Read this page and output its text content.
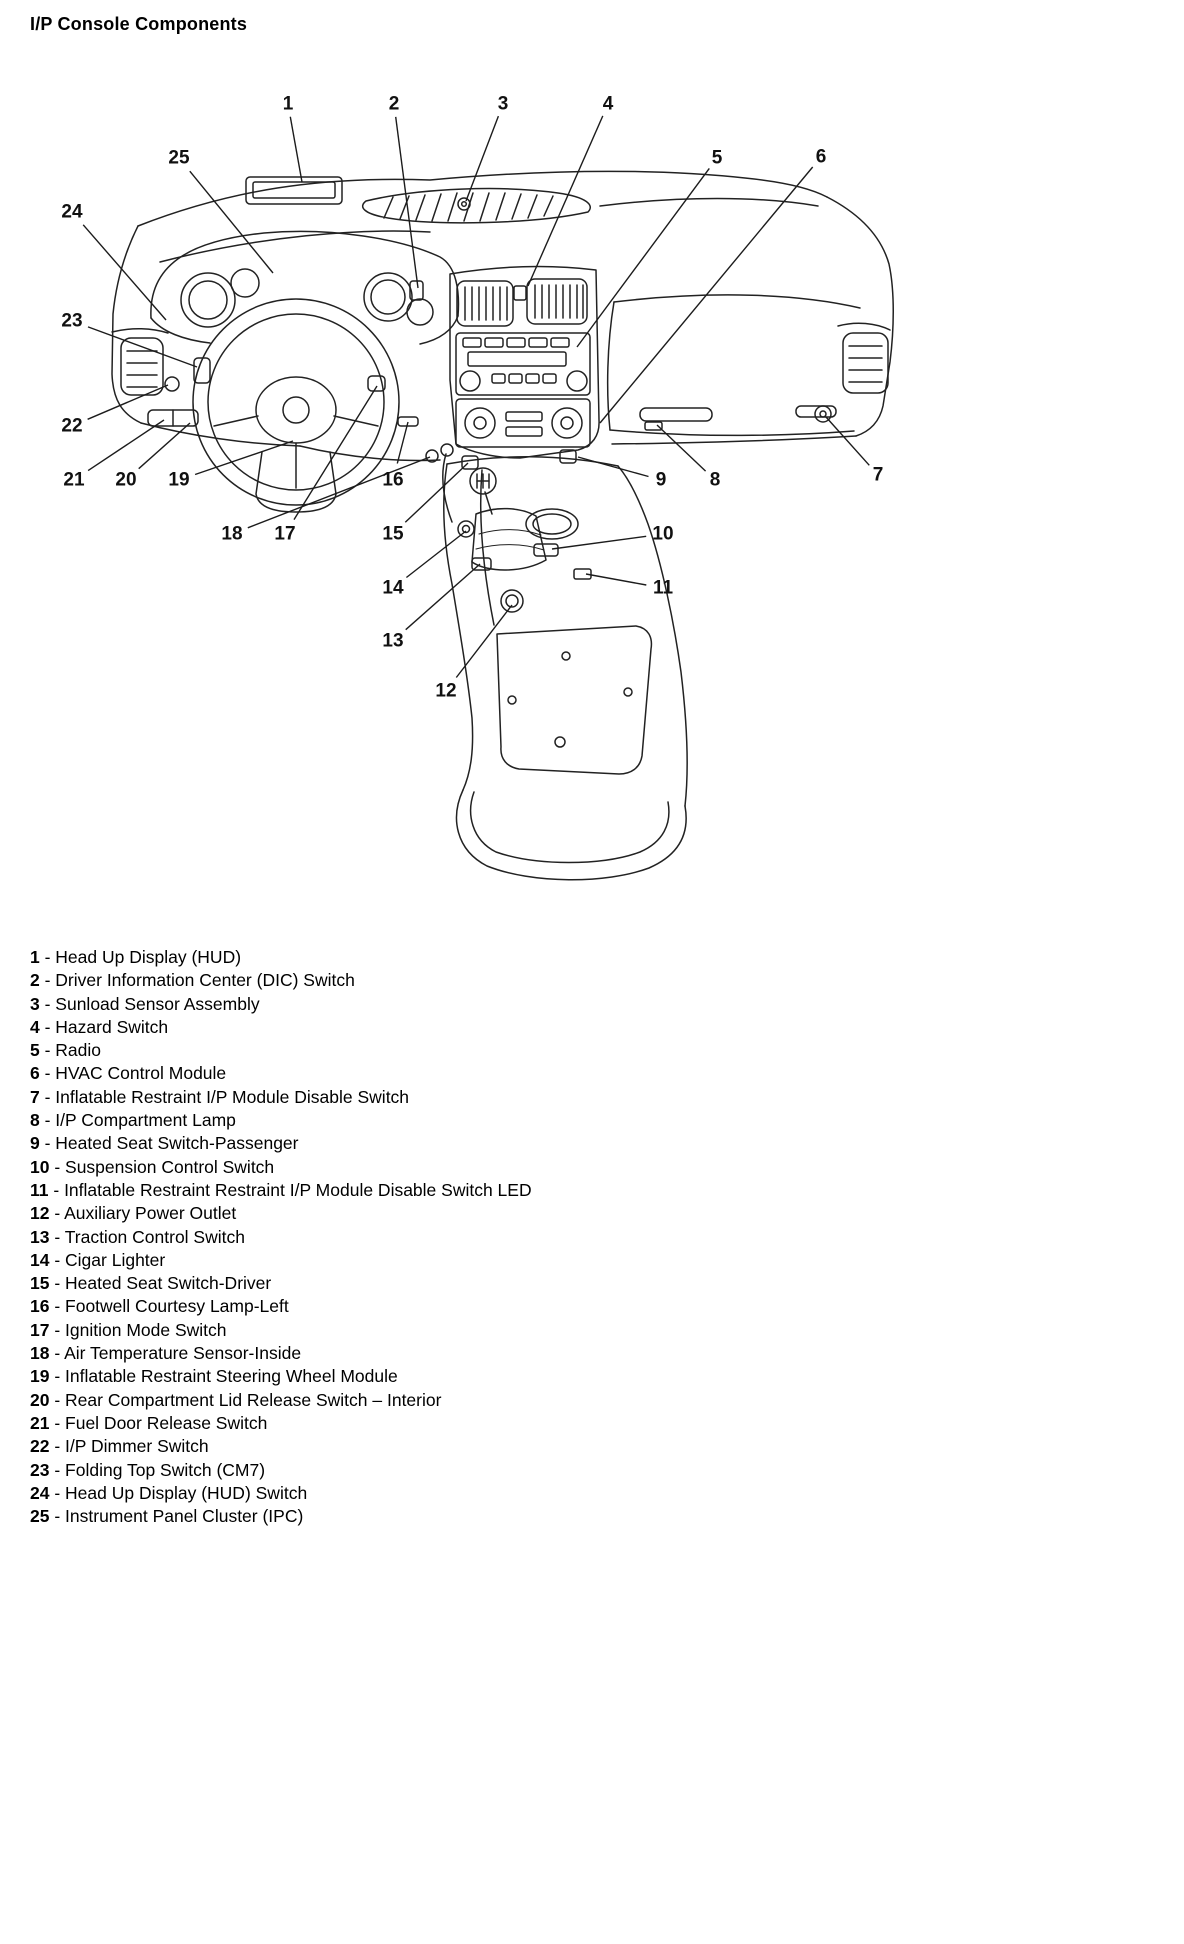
I/P Console Components
1	2	3	4
5	6
7
8
9
10
11
12
13
14
15
16
17
18
19
20
21
22
23
24
25
1 - Head Up Display (HUD)
2 - Driver Information Center (DIC) Switch
3 - Sunload Sensor Assembly
4 - Hazard Switch
5 - Radio
6 - HVAC Control Module
7 - Inflatable Restraint I/P Module Disable Switch
8 - I/P Compartment Lamp
9 - Heated Seat Switch-Passenger
10 - Suspension Control Switch
11 - Inflatable Restraint Restraint I/P Module Disable Switch LED
12 - Auxiliary Power Outlet
13 - Traction Control Switch
14 - Cigar Lighter
15 - Heated Seat Switch-Driver
16 - Footwell Courtesy Lamp-Left
17 - Ignition Mode Switch
18 - Air Temperature Sensor-Inside
19 - Inflatable Restraint Steering Wheel Module
20 - Rear Compartment Lid Release Switch – Interior
21 - Fuel Door Release Switch
22 - I/P Dimmer Switch
23 - Folding Top Switch (CM7)
24 - Head Up Display (HUD) Switch
25 - Instrument Panel Cluster (IPC)
